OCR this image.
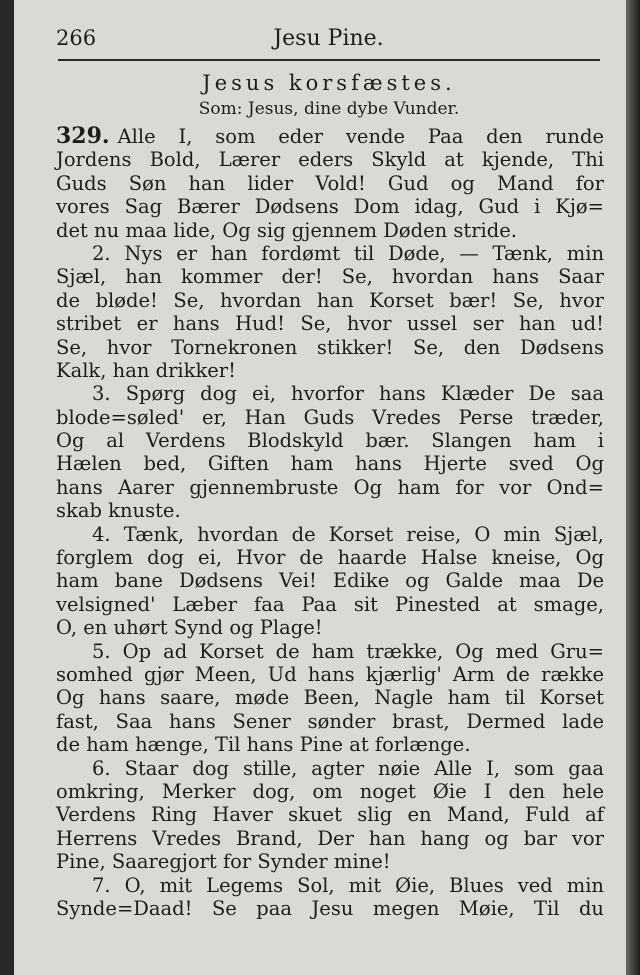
266	Jesu Pine.
Jesus korsfæstes.
Som: Jesus, dine dybe Vunder.
329. Alle I, som eder vende Paa den runde
Jordens Bold, Lærer eders Skyld at kjende, Thi
Guds Søn han lider Vold! Gud og Mand for
vores Sag Bærer Dødsens Dom idag, Gud i Kjø=
det nu maa lide, Og sig gjennem Døden stride.
2. Nys er han fordømt til Døde, — Tænk, min
Sjæl, han kommer der! Se, hvordan hans Saar
de bløde! Se, hvordan han Korset bær! Se, hvor
stribet er hans Hud! Se, hvor ussel ser han ud!
Se, hvor Tornekronen stikker! Se, den Dødsens
Kalk, han drikker!
3. Spørg dog ei, hvorfor hans Klæder De saa
blode=søled' er, Han Guds Vredes Perse træder,
Og al Verdens Blodskyld bær. Slangen ham i
Hælen bed, Giften ham hans Hjerte sved Og
hans Aarer gjennembruste Og ham for vor Ond=
skab knuste.
4. Tænk, hvordan de Korset reise, O min Sjæl,
forglem dog ei, Hvor de haarde Halse kneise, Og
ham bane Dødsens Vei! Edike og Galde maa De
velsigned' Læber faa Paa sit Pinested at smage,
O, en uhørt Synd og Plage!
5. Op ad Korset de ham trække, Og med Gru=
somhed gjør Meen, Ud hans kjærlig' Arm de række
Og hans saare, møde Been, Nagle ham til Korset
fast, Saa hans Sener sønder brast, Dermed lade
de ham hænge, Til hans Pine at forlænge.
6. Staar dog stille, agter nøie Alle I, som gaa
omkring, Merker dog, om noget Øie I den hele
Verdens Ring Haver skuet slig en Mand, Fuld af
Herrens Vredes Brand, Der han hang og bar vor
Pine, Saaregjort for Synder mine!
7. O, mit Legems Sol, mit Øie, Blues ved min
Synde=Daad! Se paa Jesu megen Møie, Til du
